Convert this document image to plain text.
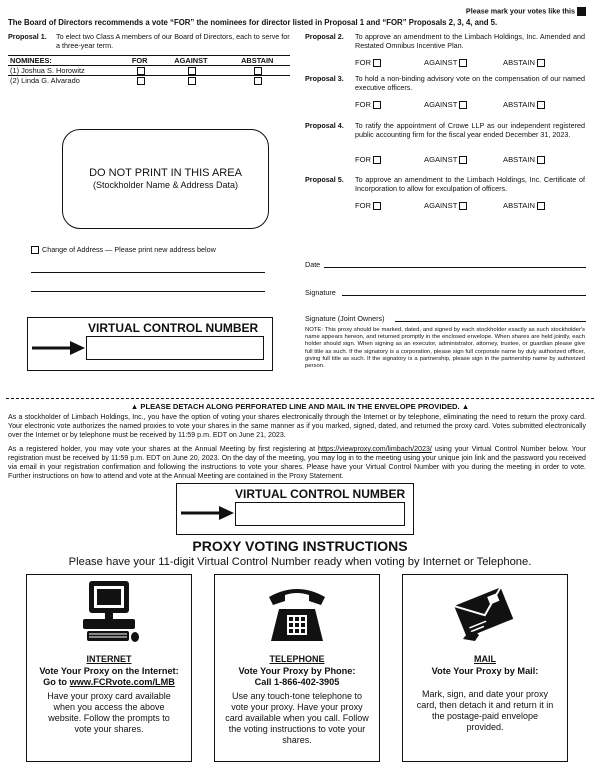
Please mark your votes like this
The Board of Directors recommends a vote “FOR” the nominees for director listed in Proposal 1 and “FOR” Proposals 2, 3, 4, and 5.
Proposal 1. To elect two Class A members of our Board of Directors, each to serve for a three-year term.
NOMINEES:	FOR	AGAINST	ABSTAIN
(1) Joshua S. Horowitz			
(2) Linda G. Alvarado			
Proposal 2. To approve an amendment to the Limbach Holdings, Inc. Amended and Restated Omnibus Incentive Plan.
FOR	AGAINST	ABSTAIN
Proposal 3. To hold a non-binding advisory vote on the compensation of our named executive officers.
FOR	AGAINST	ABSTAIN
Proposal 4. To ratify the appointment of Crowe LLP as our independent registered public accounting firm for the fiscal year ended December 31, 2023.
FOR	AGAINST	ABSTAIN
Proposal 5. To approve an amendment to the Limbach Holdings, Inc. Certificate of Incorporation to allow for exculpation of officers.
FOR	AGAINST	ABSTAIN
DO NOT PRINT IN THIS AREA
(Stockholder Name & Address Data)
Change of Address — Please print new address below
VIRTUAL CONTROL NUMBER
Date
Signature
Signature (Joint Owners)
NOTE: This proxy should be marked, dated, and signed by each stockholder exactly as such stockholder's name appears hereon, and returned promptly in the enclosed envelope. When shares are held jointly, each holder should sign. When signing as an executor, administrator, attorney, trustee, or guardian please give full title as such. If the signatory is a corporation, please sign full corporate name by duly authorized officer, giving full title as such. If the signatory is a partnership, please sign in the partnership name by authorized person.
▲ PLEASE DETACH ALONG PERFORATED LINE AND MAIL IN THE ENVELOPE PROVIDED. ▲
As a stockholder of Limbach Holdings, Inc., you have the option of voting your shares electronically through the Internet or by telephone, eliminating the need to return the proxy card. Your electronic vote authorizes the named proxies to vote your shares in the same manner as if you marked, signed, dated, and returned the proxy card. Votes submitted electronically over the Internet or by telephone must be received by 11:59 p.m. EDT on June 21, 2023.
As a registered holder, you may vote your shares at the Annual Meeting by first registering at https://viewproxy.com/limbach/2023/ using your Virtual Control Number below. Your registration must be received by 11:59 p.m. EDT on June 20, 2023. On the day of the meeting, you may log in to the meeting using your unique join link and the password you received via email in your registration confirmation and following the instructions to vote your shares. Please have your Virtual Control Number with you during the meeting in order to vote. Further instructions on how to attend and vote at the Annual Meeting are contained in the Proxy Statement.
VIRTUAL CONTROL NUMBER
PROXY VOTING INSTRUCTIONS
Please have your 11-digit Virtual Control Number ready when voting by Internet or Telephone.
INTERNET
Vote Your Proxy on the Internet:
Go to www.FCRvote.com/LMB
Have your proxy card available when you access the above website. Follow the prompts to vote your shares.
TELEPHONE
Vote Your Proxy by Phone:
Call 1-866-402-3905
Use any touch-tone telephone to vote your proxy. Have your proxy card available when you call. Follow the voting instructions to vote your shares.
MAIL
Vote Your Proxy by Mail:
Mark, sign, and date your proxy card, then detach it and return it in the postage-paid envelope provided.
